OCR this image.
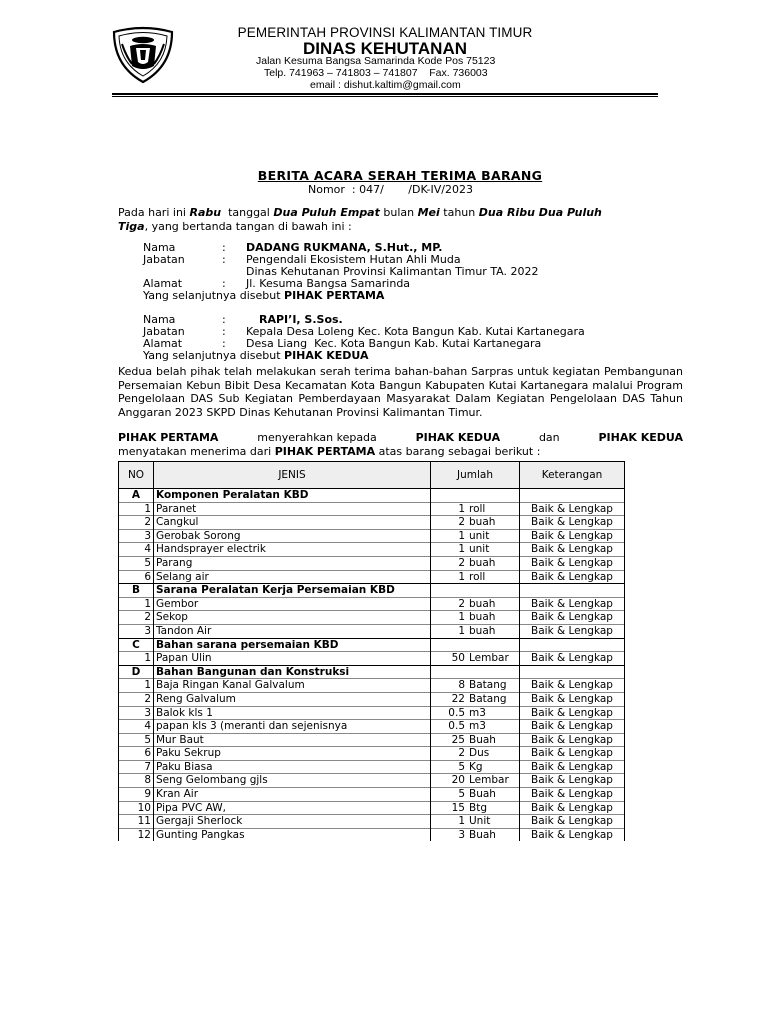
PEMERINTAH PROVINSI KALIMANTAN TIMUR
DINAS KEHUTANAN
Jalan Kesuma Bangsa Samarinda Kode Pos 75123
Telp. 741963 – 741803 – 741807    Fax. 736003
email : dishut.kaltim@gmail.com
BERITA ACARA SERAH TERIMA BARANG
Nomor  : 047/       /DK-IV/2023
Pada hari ini Rabu  tanggal Dua Puluh Empat bulan Mei tahun Dua Ribu Dua Puluh
Tiga, yang bertanda tangan di bawah ini :
Nama	: DADANG RUKMANA, S.Hut., MP.
Jabatan	: Pengendali Ekosistem Hutan Ahli Muda
Dinas Kehutanan Provinsi Kalimantan Timur TA. 2022
Alamat	: Jl. Kesuma Bangsa Samarinda
Yang selanjutnya disebut PIHAK PERTAMA
Nama	:	RAPI’I, S.Sos.
Jabatan	: Kepala Desa Loleng Kec. Kota Bangun Kab. Kutai Kartanegara
Alamat	: Desa Liang  Kec. Kota Bangun Kab. Kutai Kartanegara
Yang selanjutnya disebut PIHAK KEDUA
Kedua belah pihak telah melakukan serah terima bahan-bahan Sarpras untuk kegiatan Pembangunan Persemaian Kebun Bibit Desa Kecamatan Kota Bangun Kabupaten Kutai Kartanegara malalui Program Pengelolaan DAS Sub Kegiatan Pemberdayaan Masyarakat Dalam Kegiatan Pengelolaan DAS Tahun Anggaran 2023 SKPD Dinas Kehutanan Provinsi Kalimantan Timur.
PIHAK PERTAMA	menyerahkan kepada	PIHAK KEDUA	dan	PIHAK KEDUA
menyatakan menerima dari PIHAK PERTAMA atas barang sebagai berikut :
NO	JENIS	Jumlah		Keterangan
A	Komponen Peralatan KBD			
1	Paranet	1	roll	Baik & Lengkap
2	Cangkul	2	buah	Baik & Lengkap
3	Gerobak Sorong	1	unit	Baik & Lengkap
4	Handsprayer electrik	1	unit	Baik & Lengkap
5	Parang	2	buah	Baik & Lengkap
6	Selang air	1	roll	Baik & Lengkap
B	Sarana Peralatan Kerja Persemaian KBD			
1	Gembor	2	buah	Baik & Lengkap
2	Sekop	1	buah	Baik & Lengkap
3	Tandon Air	1	buah	Baik & Lengkap
C	Bahan sarana persemaian KBD			
1	Papan Ulin	50	Lembar	Baik & Lengkap
D	Bahan Bangunan dan Konstruksi			
1	Baja Ringan Kanal Galvalum	8	Batang	Baik & Lengkap
2	Reng Galvalum	22	Batang	Baik & Lengkap
3	Balok kls 1	0.5	m3	Baik & Lengkap
4	papan kls 3 (meranti dan sejenisnya	0.5	m3	Baik & Lengkap
5	Mur Baut	25	Buah	Baik & Lengkap
6	Paku Sekrup	2	Dus	Baik & Lengkap
7	Paku Biasa	5	Kg	Baik & Lengkap
8	Seng Gelombang gjls	20	Lembar	Baik & Lengkap
9	Kran Air	5	Buah	Baik & Lengkap
10	Pipa PVC AW,	15	Btg	Baik & Lengkap
11	Gergaji Sherlock	1	Unit	Baik & Lengkap
12	Gunting Pangkas	3	Buah	Baik & Lengkap
